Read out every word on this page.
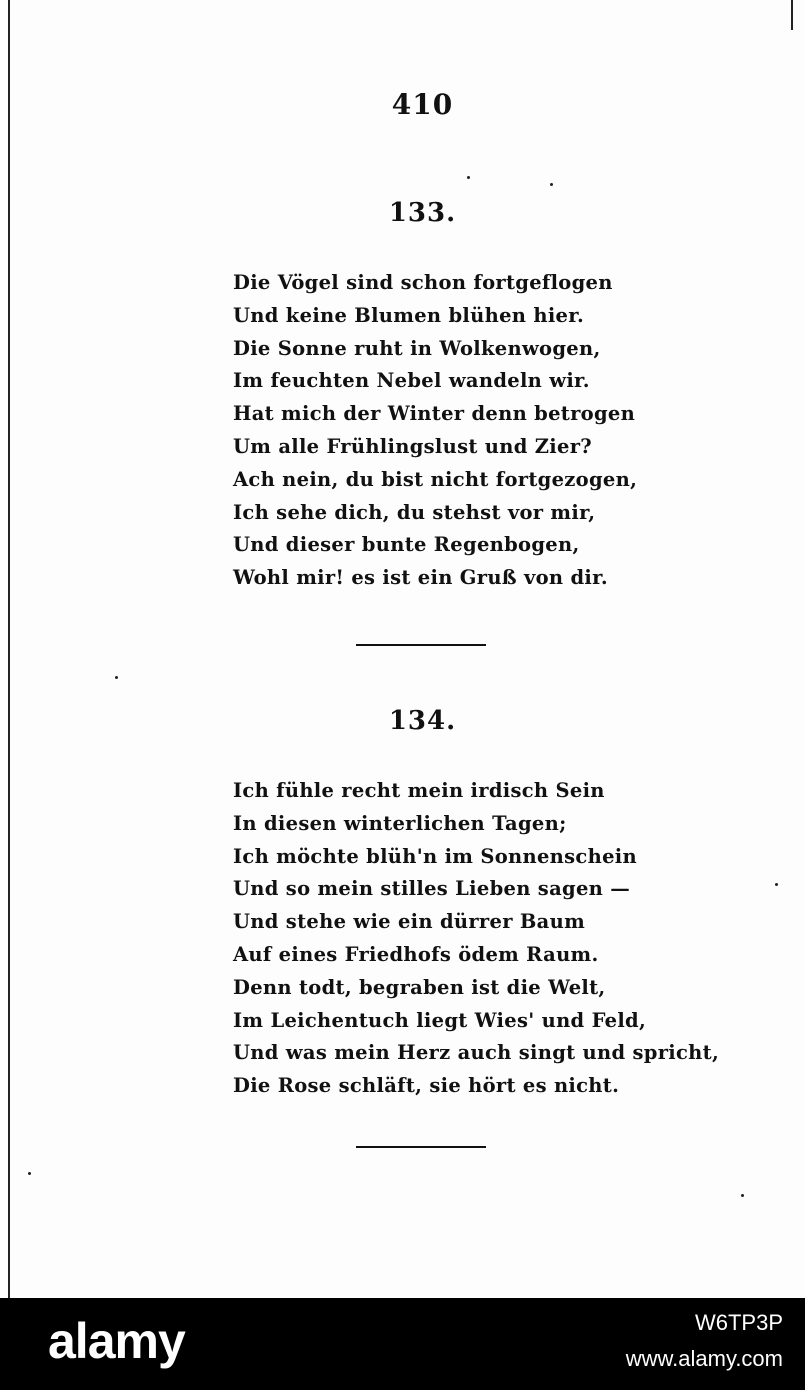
410
133.
Die Vögel sind schon fortgeflogen
Und keine Blumen blühen hier.
Die Sonne ruht in Wolkenwogen,
Im feuchten Nebel wandeln wir.
Hat mich der Winter denn betrogen
Um alle Frühlingslust und Zier?
Ach nein, du bist nicht fortgezogen,
Ich sehe dich, du stehst vor mir,
Und dieser bunte Regenbogen,
Wohl mir! es ist ein Gruß von dir.
134.
Ich fühle recht mein irdisch Sein
In diesen winterlichen Tagen;
Ich möchte blüh'n im Sonnenschein
Und so mein stilles Lieben sagen —
Und stehe wie ein dürrer Baum
Auf eines Friedhofs ödem Raum.
Denn todt, begraben ist die Welt,
Im Leichentuch liegt Wies' und Feld,
Und was mein Herz auch singt und spricht,
Die Rose schläft, sie hört es nicht.
alamy	W6TP3P
www.alamy.com
